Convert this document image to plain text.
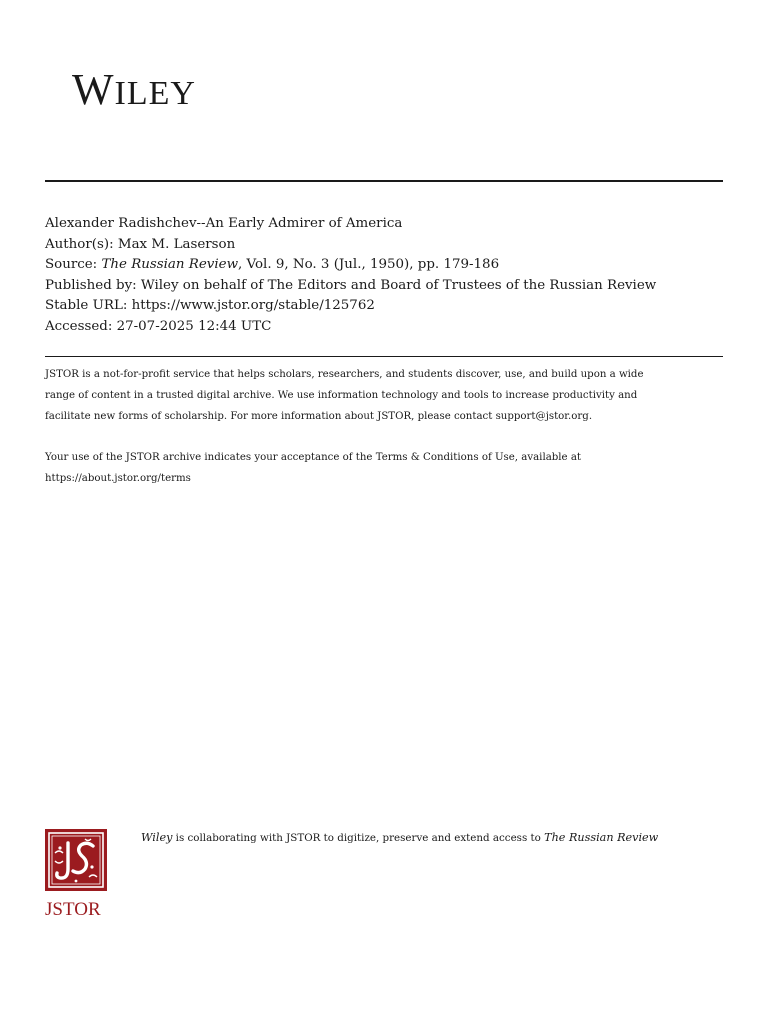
WILEY
Alexander Radishchev--An Early Admirer of America
Author(s): Max M. Laserson
Source: The Russian Review, Vol. 9, No. 3 (Jul., 1950), pp. 179-186
Published by: Wiley on behalf of The Editors and Board of Trustees of the Russian Review
Stable URL: https://www.jstor.org/stable/125762
Accessed: 27-07-2025 12:44 UTC

JSTOR is a not-for-profit service that helps scholars, researchers, and students discover, use, and build upon a wide
range of content in a trusted digital archive. We use information technology and tools to increase productivity and
facilitate new forms of scholarship. For more information about JSTOR, please contact support@jstor.org.

Your use of the JSTOR archive indicates your acceptance of the Terms & Conditions of Use, available at
https://about.jstor.org/terms

JSTOR
Wiley is collaborating with JSTOR to digitize, preserve and extend access to The Russian Review
